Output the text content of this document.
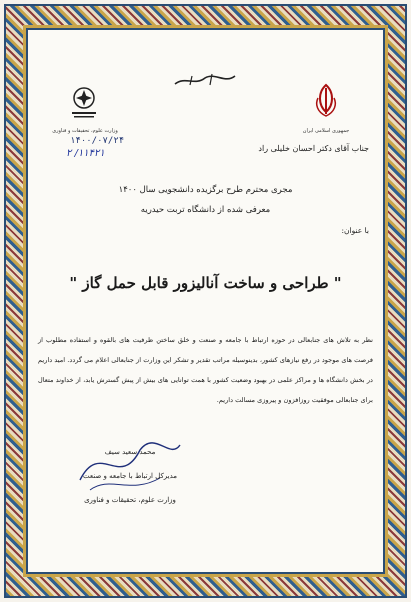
وزارت علوم، تحقیقات و فناوری	جمهوری اسلامی ایران
۱۴۰۰/۰۷/۲۴
۲ /۱۱۴۲۱	جناب آقای دکتر احسان خلیلی راد
مجری محترم طرح برگزیده دانشجویی سال ۱۴۰۰
معرفی شده از دانشگاه تربت حیدریه
با عنوان:
" طراحی و ساخت آنالیزور قابل حمل گاز "
نظر به تلاش های جنابعالی در حوزه ارتباط با جامعه و صنعت و خلق ساختن ظرفیت های بالقوه و استفاده مطلوب از فرصت های موجود در رفع نیازهای کشور، بدینوسیله مراتب تقدیر و تشکر این وزارت از جنابعالی اعلام می گردد. امید داریم در بخش دانشگاه ها و مراکز علمی در بهبود وضعیت کشور با همت توانایی های بیش از پیش گسترش یابد، از خداوند متعال برای جنابعالی موفقیت روزافزون و پیروزی مسالت داریم.
محمد سعید سیف
مدیرکل ارتباط با جامعه و صنعت
وزارت علوم، تحقیقات و فناوری
